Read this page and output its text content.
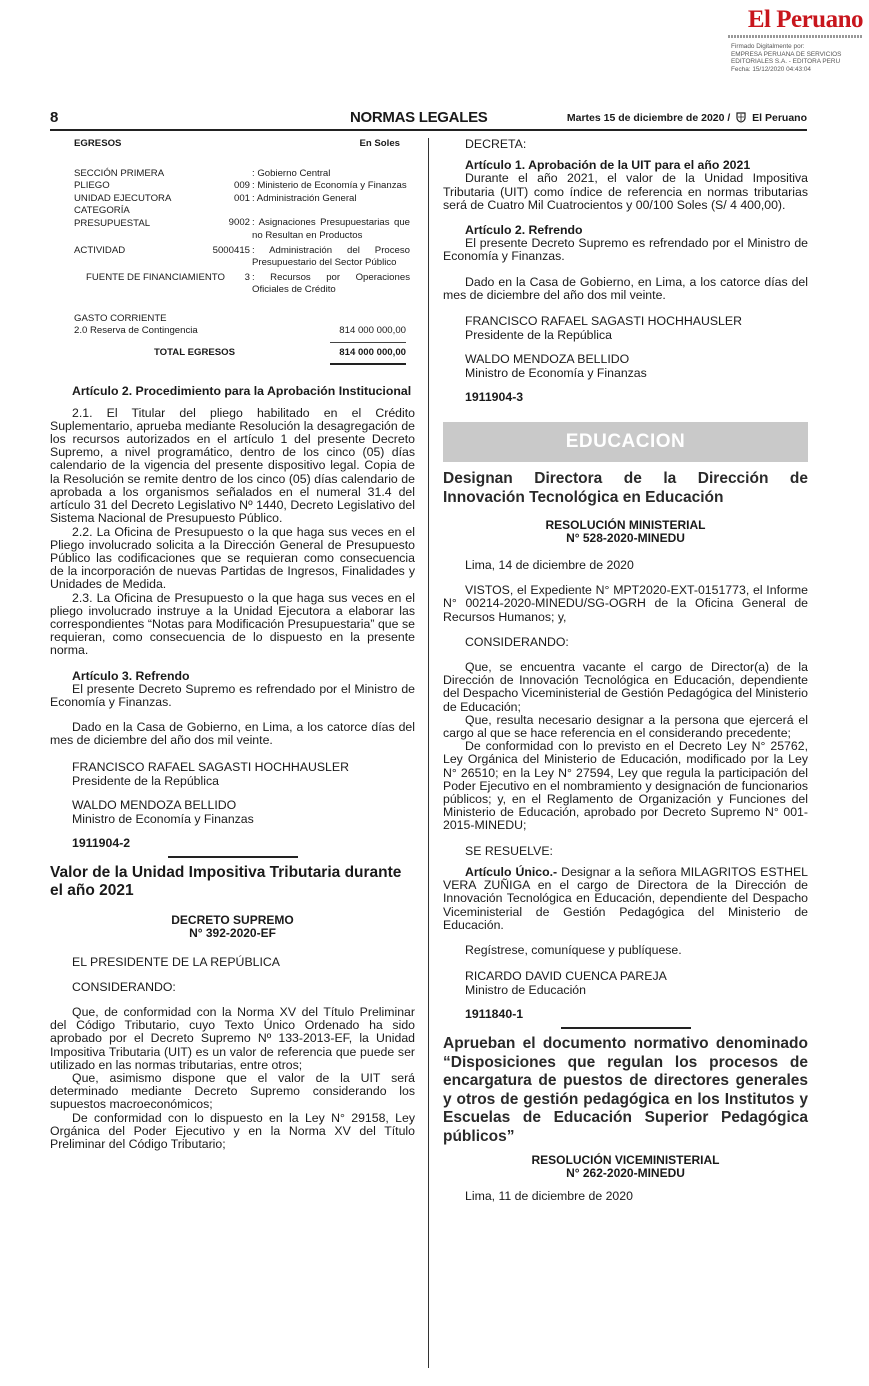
El Peruano
Firmado Digitalmente por:
EMPRESA PERUANA DE SERVICIOS
EDITORIALES S.A. - EDITORA PERU
Fecha: 15/12/2020 04:43:04
8	NORMAS LEGALES	Martes 15 de diciembre de 2020 / El Peruano
EGRESOS	En Soles
SECCIÓN PRIMERA	: Gobierno Central
PLIEGO	009 : Ministerio de Economía y Finanzas
UNIDAD EJECUTORA	001 : Administración General
CATEGORÍA PRESUPUESTAL	9002 : Asignaciones Presupuestarias que no Resultan en Productos
ACTIVIDAD	5000415 : Administración del Proceso Presupuestario del Sector Público
FUENTE DE FINANCIAMIENTO	3 : Recursos por Operaciones Oficiales de Crédito
GASTO CORRIENTE
2.0 Reserva de Contingencia	814 000 000,00
TOTAL EGRESOS	814 000 000,00

Artículo 2. Procedimiento para la Aprobación Institucional

2.1. El Titular del pliego habilitado en el Crédito Suplementario, aprueba mediante Resolución la desagregación de los recursos autorizados en el artículo 1 del presente Decreto Supremo, a nivel programático, dentro de los cinco (05) días calendario de la vigencia del presente dispositivo legal. Copia de la Resolución se remite dentro de los cinco (05) días calendario de aprobada a los organismos señalados en el numeral 31.4 del artículo 31 del Decreto Legislativo Nº 1440, Decreto Legislativo del Sistema Nacional de Presupuesto Público.

2.2. La Oficina de Presupuesto o la que haga sus veces en el Pliego involucrado solicita a la Dirección General de Presupuesto Público las codificaciones que se requieran como consecuencia de la incorporación de nuevas Partidas de Ingresos, Finalidades y Unidades de Medida.

2.3. La Oficina de Presupuesto o la que haga sus veces en el pliego involucrado instruye a la Unidad Ejecutora a elaborar las correspondientes “Notas para Modificación Presupuestaria” que se requieran, como consecuencia de lo dispuesto en la presente norma.

Artículo 3. Refrendo

El presente Decreto Supremo es refrendado por el Ministro de Economía y Finanzas.

Dado en la Casa de Gobierno, en Lima, a los catorce días del mes de diciembre del año dos mil veinte.

FRANCISCO RAFAEL SAGASTI HOCHHAUSLER
Presidente de la República
WALDO MENDOZA BELLIDO
Ministro de Economía y Finanzas
1911904-2
Valor de la Unidad Impositiva Tributaria durante el año 2021
DECRETO SUPREMO
N° 392-2020-EF

EL PRESIDENTE DE LA REPÚBLICA

CONSIDERANDO:

Que, de conformidad con la Norma XV del Título Preliminar del Código Tributario, cuyo Texto Único Ordenado ha sido aprobado por el Decreto Supremo Nº 133-2013-EF, la Unidad Impositiva Tributaria (UIT) es un valor de referencia que puede ser utilizado en las normas tributarias, entre otros;

Que, asimismo dispone que el valor de la UIT será determinado mediante Decreto Supremo considerando los supuestos macroeconómicos;

De conformidad con lo dispuesto en la Ley N° 29158, Ley Orgánica del Poder Ejecutivo y en la Norma XV del Título Preliminar del Código Tributario;

DECRETA:

Artículo 1. Aprobación de la UIT para el año 2021

Durante el año 2021, el valor de la Unidad Impositiva Tributaria (UIT) como índice de referencia en normas tributarias será de Cuatro Mil Cuatrocientos y 00/100 Soles (S/ 4 400,00).

Artículo 2. Refrendo

El presente Decreto Supremo es refrendado por el Ministro de Economía y Finanzas.

Dado en la Casa de Gobierno, en Lima, a los catorce días del mes de diciembre del año dos mil veinte.

FRANCISCO RAFAEL SAGASTI HOCHHAUSLER
Presidente de la República
WALDO MENDOZA BELLIDO
Ministro de Economía y Finanzas
1911904-3
EDUCACION
Designan Directora de la Dirección de Innovación Tecnológica en Educación
RESOLUCIÓN MINISTERIAL
N° 528-2020-MINEDU

Lima, 14 de diciembre de 2020

VISTOS, el Expediente N° MPT2020-EXT-0151773, el Informe N° 00214-2020-MINEDU/SG-OGRH de la Oficina General de Recursos Humanos; y,

CONSIDERANDO:

Que, se encuentra vacante el cargo de Director(a) de la Dirección de Innovación Tecnológica en Educación, dependiente del Despacho Viceministerial de Gestión Pedagógica del Ministerio de Educación;

Que, resulta necesario designar a la persona que ejercerá el cargo al que se hace referencia en el considerando precedente;

De conformidad con lo previsto en el Decreto Ley N° 25762, Ley Orgánica del Ministerio de Educación, modificado por la Ley N° 26510; en la Ley N° 27594, Ley que regula la participación del Poder Ejecutivo en el nombramiento y designación de funcionarios públicos; y, en el Reglamento de Organización y Funciones del Ministerio de Educación, aprobado por Decreto Supremo N° 001-2015-MINEDU;

SE RESUELVE:

Artículo Único.- Designar a la señora MILAGRITOS ESTHEL VERA ZUÑIGA en el cargo de Directora de la Dirección de Innovación Tecnológica en Educación, dependiente del Despacho Viceministerial de Gestión Pedagógica del Ministerio de Educación.

Regístrese, comuníquese y publíquese.

RICARDO DAVID CUENCA PAREJA
Ministro de Educación
1911840-1
Aprueban el documento normativo denominado “Disposiciones que regulan los procesos de encargatura de puestos de directores generales y otros de gestión pedagógica en los Institutos y Escuelas de Educación Superior Pedagógica públicos”
RESOLUCIÓN VICEMINISTERIAL
N° 262-2020-MINEDU

Lima, 11 de diciembre de 2020
